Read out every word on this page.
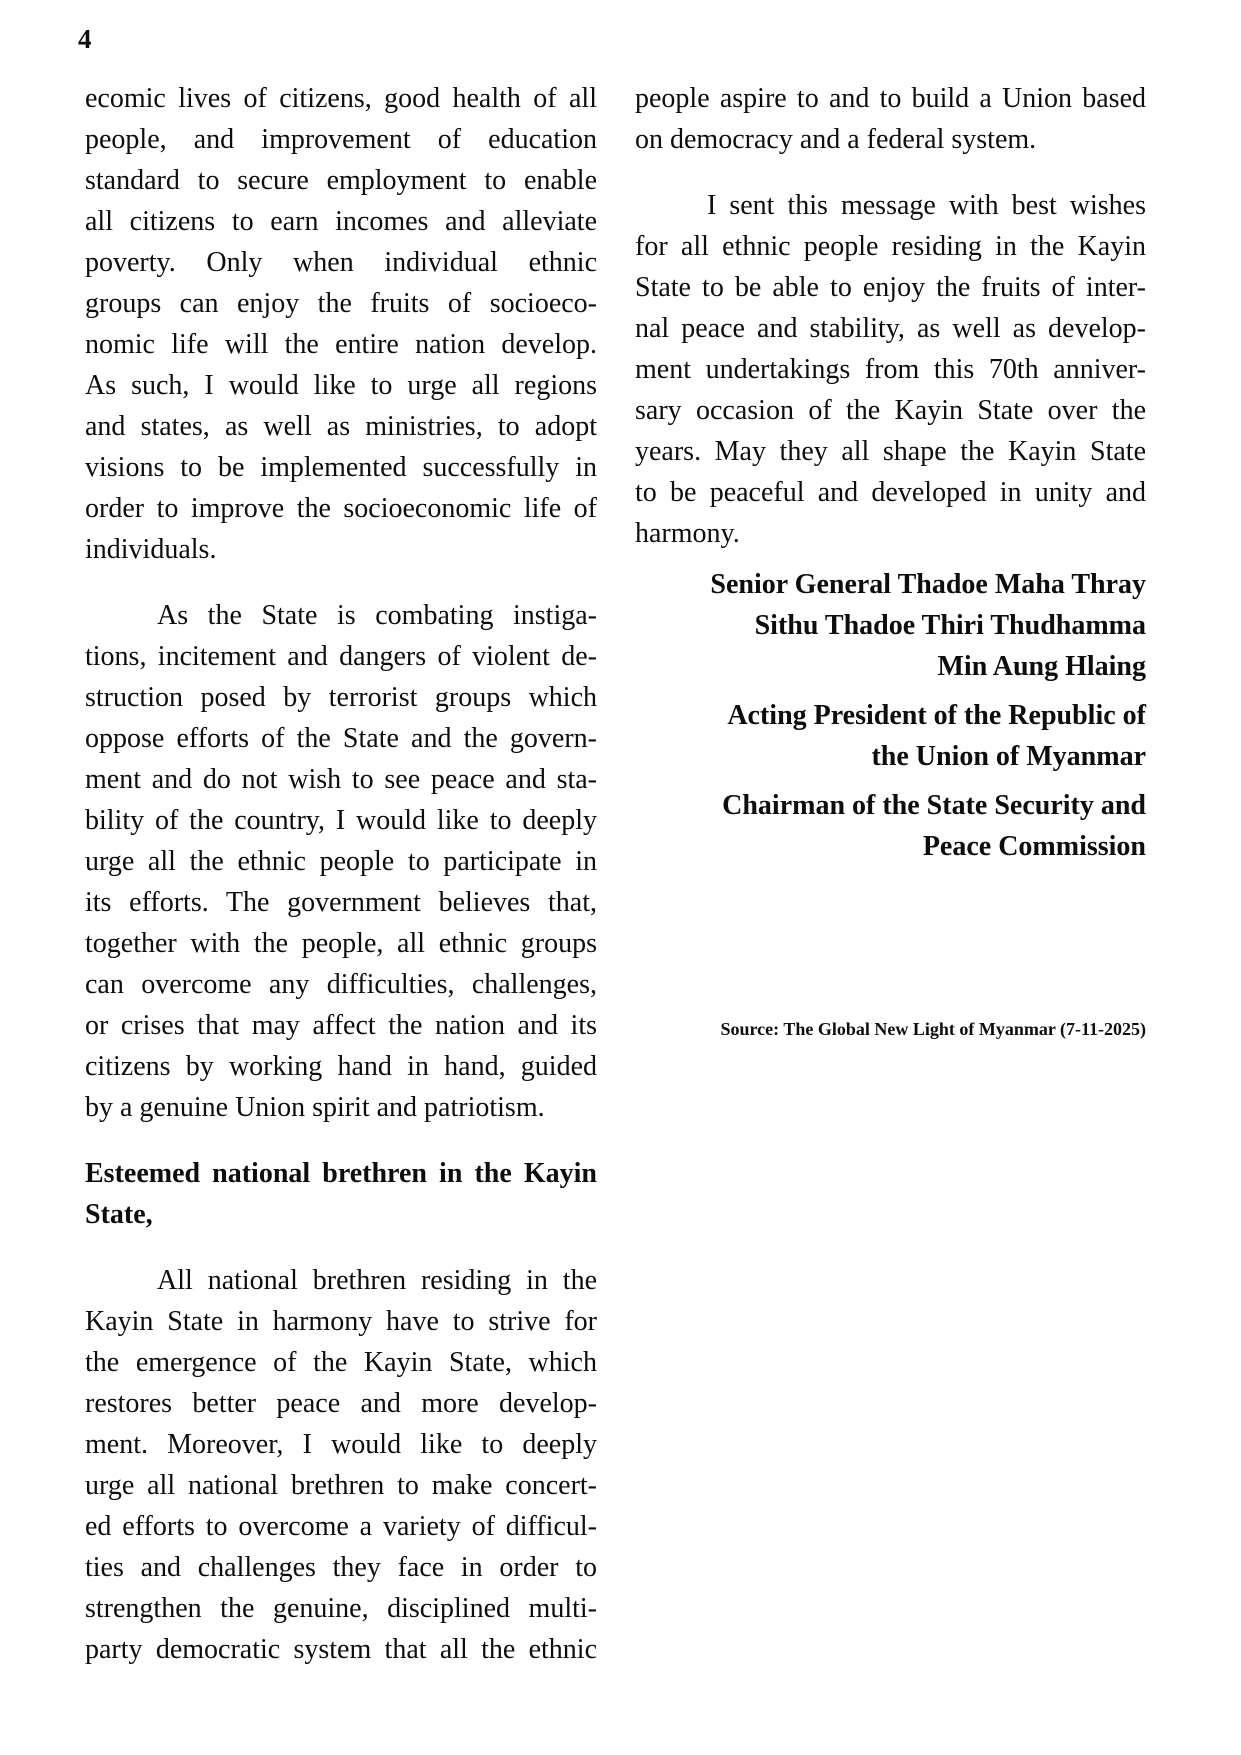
4
ecomic lives of citizens, good health of all
people, and improvement of education
standard to secure employment to enable
all citizens to earn incomes and alleviate
poverty. Only when individual ethnic
groups can enjoy the fruits of socioeco-
nomic life will the entire nation develop.
As such, I would like to urge all regions
and states, as well as ministries, to adopt
visions to be implemented successfully in
order to improve the socioeconomic life of
individuals.
As the State is combating instiga-
tions, incitement and dangers of violent de-
struction posed by terrorist groups which
oppose efforts of the State and the govern-
ment and do not wish to see peace and sta-
bility of the country, I would like to deeply
urge all the ethnic people to participate in
its efforts. The government believes that,
together with the people, all ethnic groups
can overcome any difficulties, challenges,
or crises that may affect the nation and its
citizens by working hand in hand, guided
by a genuine Union spirit and patriotism.
Esteemed national brethren in the Kayin
State,
All national brethren residing in the
Kayin State in harmony have to strive for
the emergence of the Kayin State, which
restores better peace and more develop-
ment. Moreover, I would like to deeply
urge all national brethren to make concert-
ed efforts to overcome a variety of difficul-
ties and challenges they face in order to
strengthen the genuine, disciplined multi-
party democratic system that all the ethnic
people aspire to and to build a Union based
on democracy and a federal system.
I sent this message with best wishes
for all ethnic people residing in the Kayin
State to be able to enjoy the fruits of inter-
nal peace and stability, as well as develop-
ment undertakings from this 70th anniver-
sary occasion of the Kayin State over the
years. May they all shape the Kayin State
to be peaceful and developed in unity and
harmony.
Senior General Thadoe Maha Thray
Sithu Thadoe Thiri Thudhamma
Min Aung Hlaing
Acting President of the Republic of
the Union of Myanmar
Chairman of the State Security and
Peace Commission
Source: The Global New Light of Myanmar (7-11-2025)
